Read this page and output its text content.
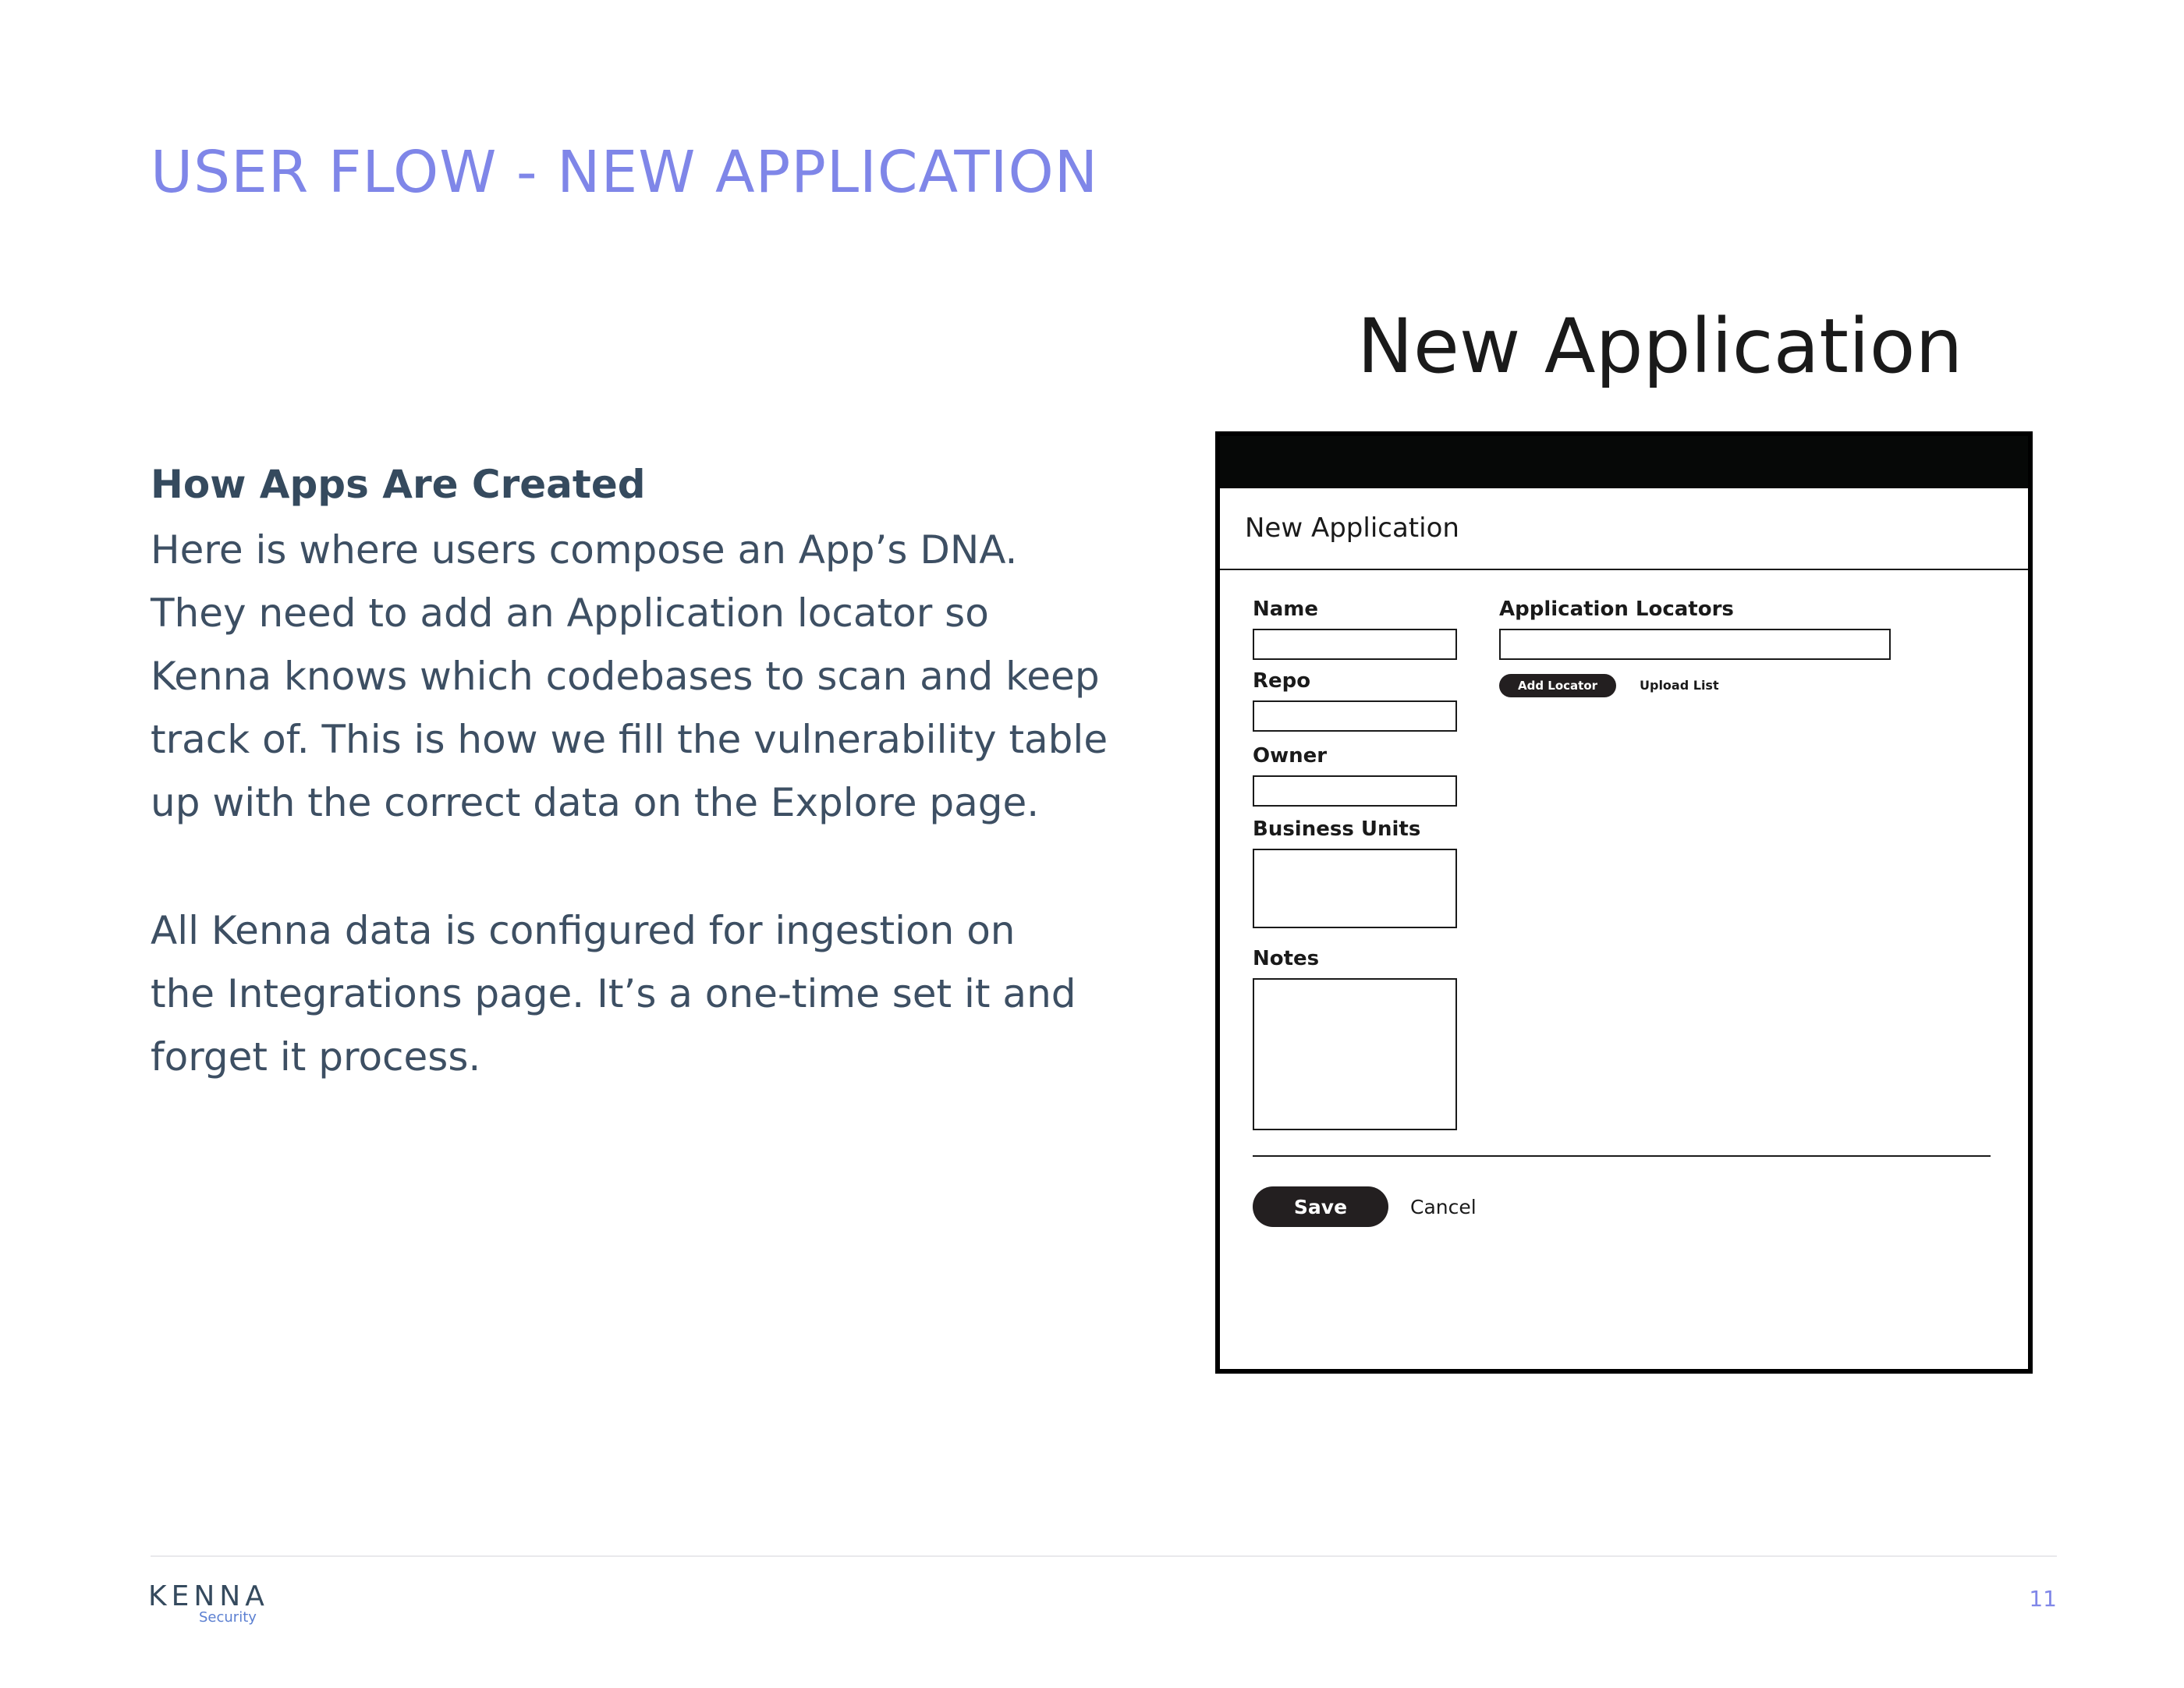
USER FLOW - NEW APPLICATION
How Apps Are Created
Here is where users compose an App’s DNA.
They need to add an Application locator so
Kenna knows which codebases to scan and keep
track of. This is how we fill the vulnerability table
up with the correct data on the Explore page.
All Kenna data is configured for ingestion on
the Integrations page. It’s a one-time set it and
forget it process.
New Application
New Application
Name
Repo
Owner
Business Units
Notes
Application Locators
Add Locator	Upload List
Save	Cancel
KENNA
Security
11
